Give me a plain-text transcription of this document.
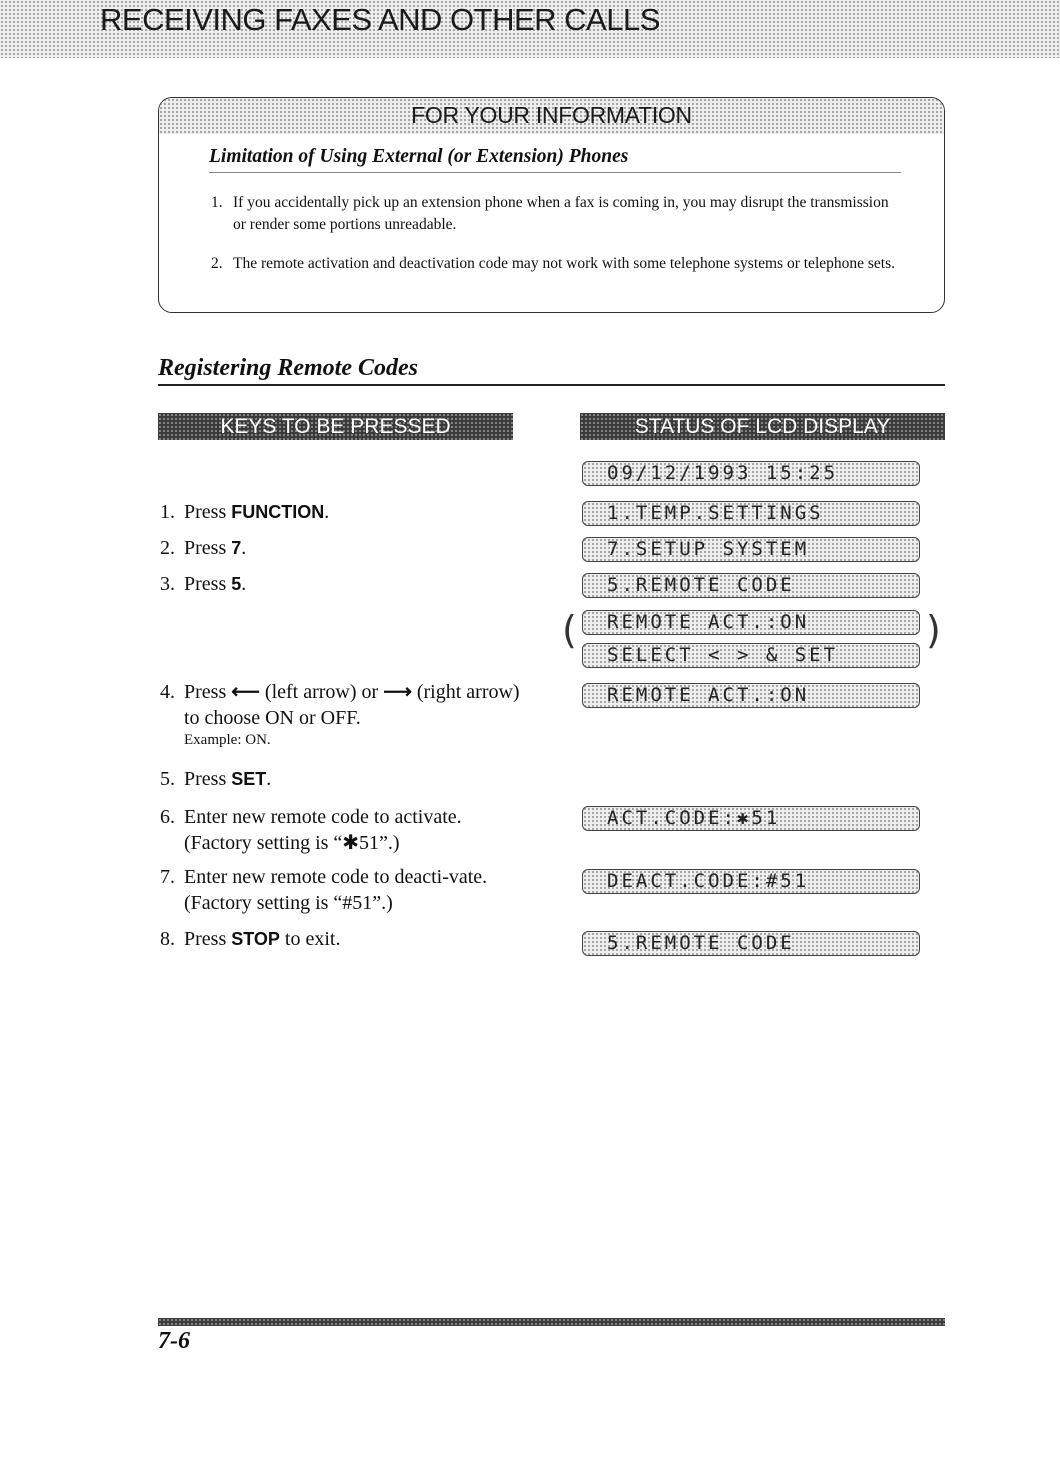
RECEIVING FAXES AND OTHER CALLS
FOR YOUR INFORMATION
Limitation of Using External (or Extension) Phones
1. If you accidentally pick up an extension phone when a fax is coming in, you may disrupt the transmission or render some portions unreadable.
2. The remote activation and deactivation code may not work with some telephone systems or telephone sets.
Registering Remote Codes
KEYS TO BE PRESSED	STATUS OF LCD DISPLAY
1. Press FUNCTION.
2. Press 7.
3. Press 5.
4. Press ⟵ (left arrow) or ⟶ (right arrow) to choose ON or OFF.
Example: ON.
5. Press SET.
6. Enter new remote code to activate. (Factory setting is “✱51”.)
7. Enter new remote code to deacti-vate. (Factory setting is “#51”.)
8. Press STOP to exit.
09/12/1993 15:25
1.TEMP.SETTINGS
7.SETUP SYSTEM
5.REMOTE CODE
( REMOTE ACT.:ON
SELECT < > & SET
)
REMOTE ACT.:ON
ACT.CODE:✱51
DEACT.CODE:#51
5.REMOTE CODE
7-6
